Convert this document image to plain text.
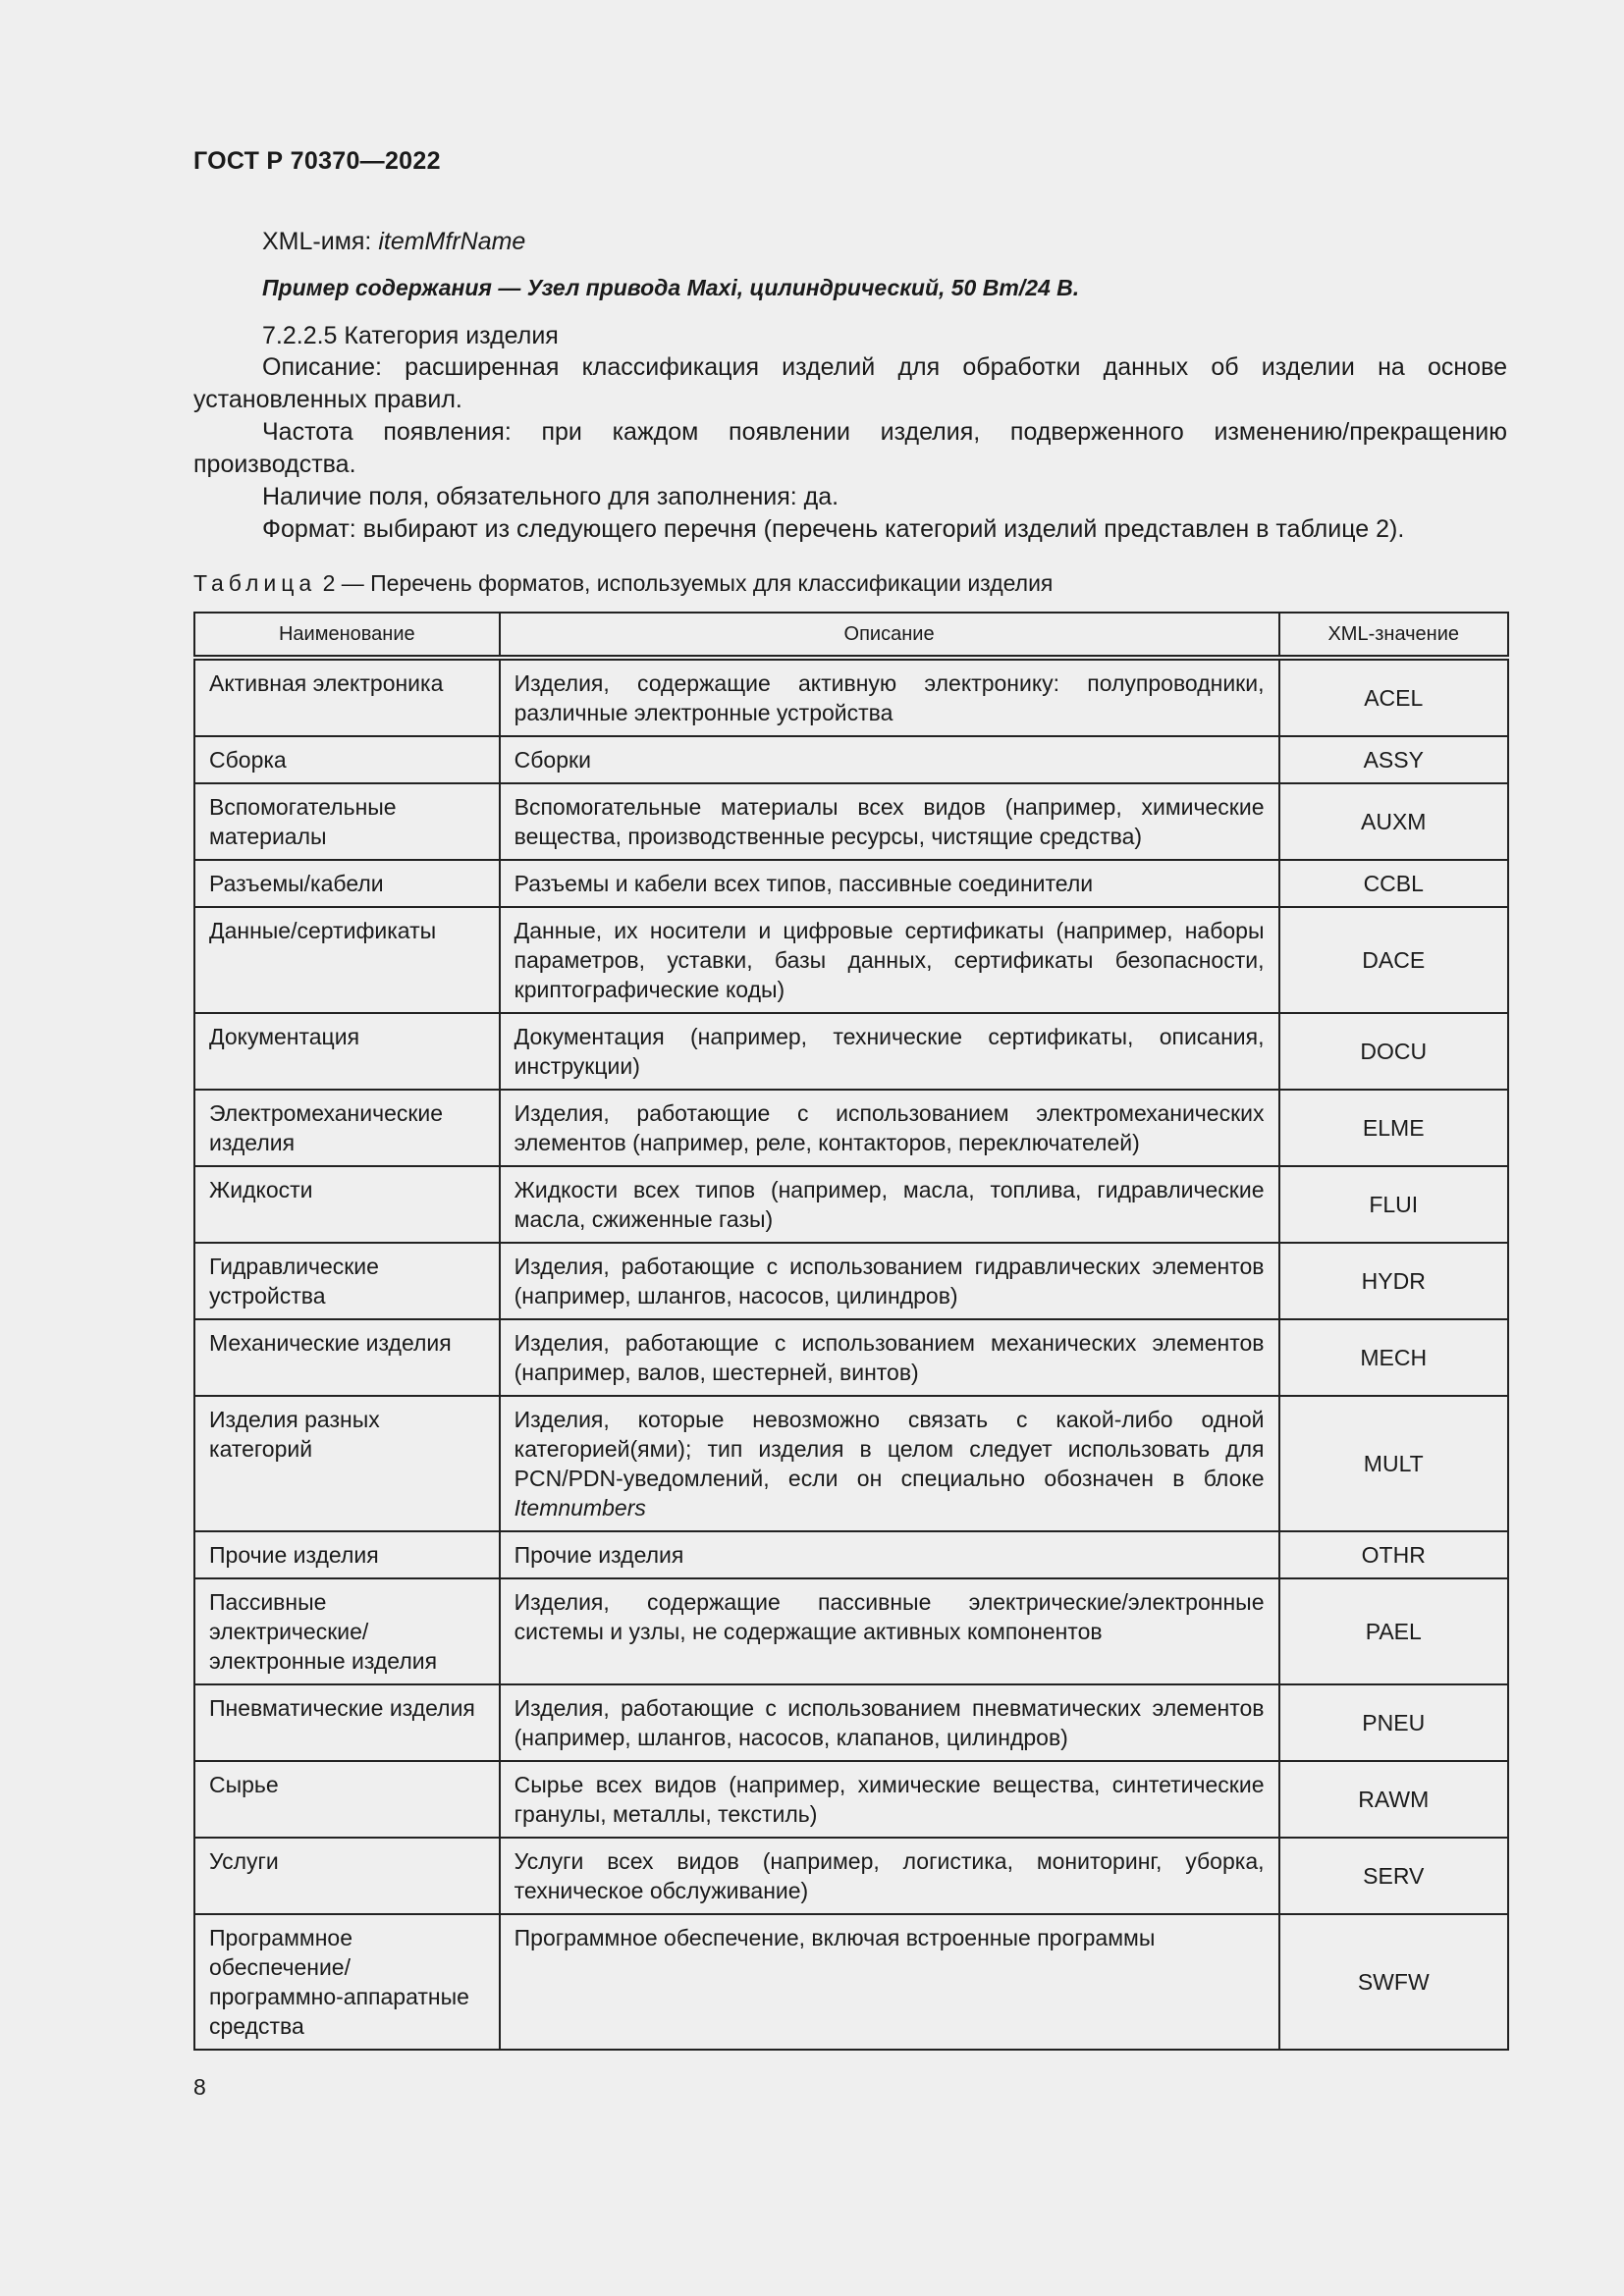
ГОСТ Р 70370—2022
XML-имя: itemMfrName
Пример содержания — Узел привода Maxi, цилиндрический, 50 Вт/24 В.
7.2.2.5 Категория изделия

Описание: расширенная классификация изделий для обработки данных об изделии на основе установленных правил.

Частота появления: при каждом появлении изделия, подверженного изменению/прекращению производства.

Наличие поля, обязательного для заполнения: да.

Формат: выбирают из следующего перечня (перечень категорий изделий представлен в таблице 2).

Таблица 2 — Перечень форматов, используемых для классификации изделия
Наименование	Описание	XML-значение
Активная электроника	Изделия, содержащие активную электронику: полупроводники, различные электронные устройства	ACEL
Сборка	Сборки	ASSY
Вспомогательные материалы	Вспомогательные материалы всех видов (например, химические вещества, производственные ресурсы, чистящие средства)	AUXM
Разъемы/кабели	Разъемы и кабели всех типов, пассивные соединители	CCBL
Данные/сертификаты	Данные, их носители и цифровые сертификаты (например, наборы параметров, уставки, базы данных, сертификаты безопасности, криптографические коды)	DACE
Документация	Документация (например, технические сертификаты, описания, инструкции)	DOCU
Электромеханические изделия	Изделия, работающие с использованием электромеханических элементов (например, реле, контакторов, переключателей)	ELME
Жидкости	Жидкости всех типов (например, масла, топлива, гидравлические масла, сжиженные газы)	FLUI
Гидравлические устройства	Изделия, работающие с использованием гидравлических элементов (например, шлангов, насосов, цилиндров)	HYDR
Механические изделия	Изделия, работающие с использованием механических элементов (например, валов, шестерней, винтов)	MECH
Изделия разных категорий	Изделия, которые невозможно связать с какой-либо одной категорией(ями); тип изделия в целом следует использовать для PCN/PDN-уведомлений, если он специально обозначен в блоке Itemnumbers	MULT
Прочие изделия	Прочие изделия	OTHR
Пассивные электрические/электронные изделия	Изделия, содержащие пассивные электрические/электронные системы и узлы, не содержащие активных компонентов	PAEL
Пневматические изделия	Изделия, работающие с использованием пневматических элементов (например, шлангов, насосов, клапанов, цилиндров)	PNEU
Сырье	Сырье всех видов (например, химические вещества, синтетические гранулы, металлы, текстиль)	RAWM
Услуги	Услуги всех видов (например, логистика, мониторинг, уборка, техническое обслуживание)	SERV
Программное обеспечение/программно-аппаратные средства	Программное обеспечение, включая встроенные программы	SWFW
8
